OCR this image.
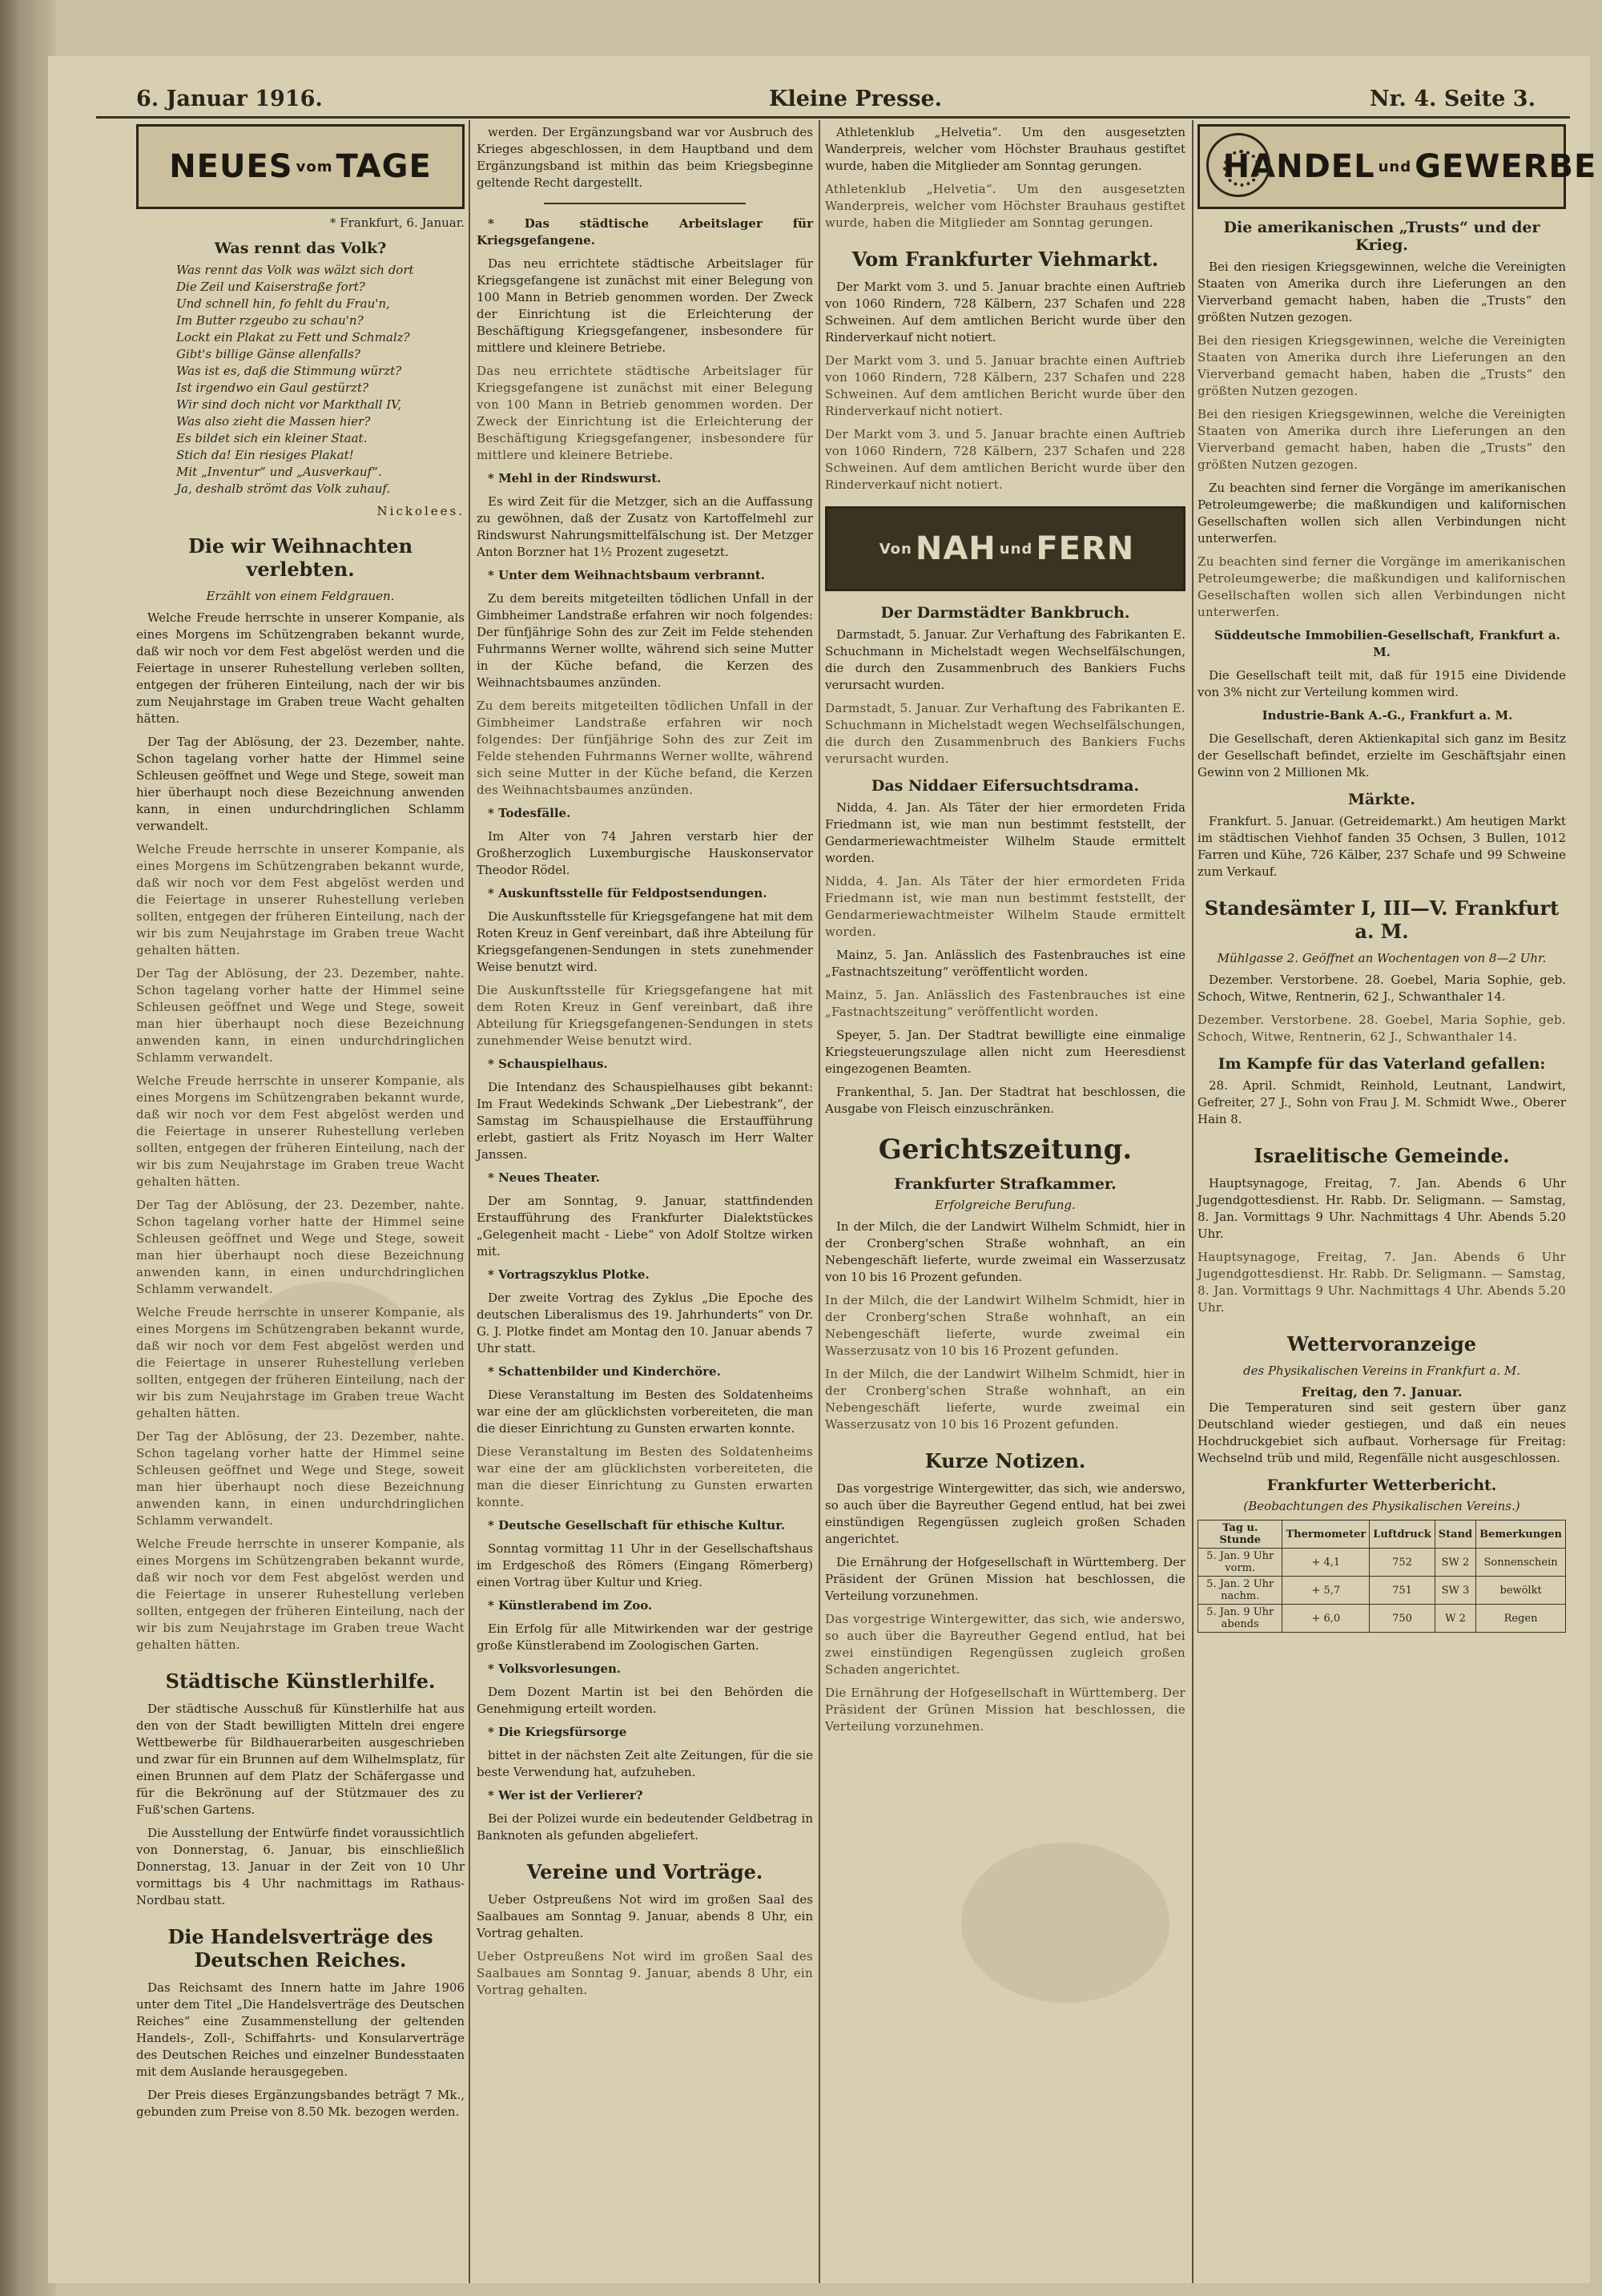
6. Januar 1916.	Kleine Presse.	Nr. 4. Seite 3.
NEUES vom TAGE
* Frankfurt, 6. Januar.
Was rennt das Volk?
Was rennt das Volk was wälzt sich dort
Die Zeil und Kaiserstraße fort?
Und schnell hin, fo fehlt du Frau'n,
Im Butter rzgeubo zu schau'n?
Lockt ein Plakat zu Fett und Schmalz?
Gibt's billige Gänse allenfalls?
Was ist es, daß die Stimmung würzt?
Ist irgendwo ein Gaul gestürzt?
Wir sind doch nicht vor Markthall IV,
Was also zieht die Massen hier?
Es bildet sich ein kleiner Staat.
Stich da! Ein riesiges Plakat!
Mit „Inventur“ und „Ausverkauf“.
Ja, deshalb strömt das Volk zuhauf.
Nickolees.
Die wir Weihnachten verlebten.
Erzählt von einem Feldgrauen.

Welche Freude herrschte in unserer Kompanie, als eines Morgens im Schützengraben bekannt wurde, daß wir noch vor dem Fest abgelöst werden und die Feiertage in unserer Ruhestellung verleben sollten, entgegen der früheren Einteilung, nach der wir bis zum Neujahrstage im Graben treue Wacht gehalten hätten.

Der Tag der Ablösung, der 23. Dezember, nahte. Schon tagelang vorher hatte der Himmel seine Schleusen geöffnet und Wege und Stege, soweit man hier überhaupt noch diese Bezeichnung anwenden kann, in einen undurchdringlichen Schlamm verwandelt.

Welche Freude herrschte in unserer Kompanie, als eines Morgens im Schützengraben bekannt wurde, daß wir noch vor dem Fest abgelöst werden und die Feiertage in unserer Ruhestellung verleben sollten, entgegen der früheren Einteilung, nach der wir bis zum Neujahrstage im Graben treue Wacht gehalten hätten.

Der Tag der Ablösung, der 23. Dezember, nahte. Schon tagelang vorher hatte der Himmel seine Schleusen geöffnet und Wege und Stege, soweit man hier überhaupt noch diese Bezeichnung anwenden kann, in einen undurchdringlichen Schlamm verwandelt.

Welche Freude herrschte in unserer Kompanie, als eines Morgens im Schützengraben bekannt wurde, daß wir noch vor dem Fest abgelöst werden und die Feiertage in unserer Ruhestellung verleben sollten, entgegen der früheren Einteilung, nach der wir bis zum Neujahrstage im Graben treue Wacht gehalten hätten.

Der Tag der Ablösung, der 23. Dezember, nahte. Schon tagelang vorher hatte der Himmel seine Schleusen geöffnet und Wege und Stege, soweit man hier überhaupt noch diese Bezeichnung anwenden kann, in einen undurchdringlichen Schlamm verwandelt.

Welche Freude herrschte in unserer Kompanie, als eines Morgens im Schützengraben bekannt wurde, daß wir noch vor dem Fest abgelöst werden und die Feiertage in unserer Ruhestellung verleben sollten, entgegen der früheren Einteilung, nach der wir bis zum Neujahrstage im Graben treue Wacht gehalten hätten.

Der Tag der Ablösung, der 23. Dezember, nahte. Schon tagelang vorher hatte der Himmel seine Schleusen geöffnet und Wege und Stege, soweit man hier überhaupt noch diese Bezeichnung anwenden kann, in einen undurchdringlichen Schlamm verwandelt.

Welche Freude herrschte in unserer Kompanie, als eines Morgens im Schützengraben bekannt wurde, daß wir noch vor dem Fest abgelöst werden und die Feiertage in unserer Ruhestellung verleben sollten, entgegen der früheren Einteilung, nach der wir bis zum Neujahrstage im Graben treue Wacht gehalten hätten.

Städtische Künstlerhilfe.

Der städtische Ausschuß für Künstlerhilfe hat aus den von der Stadt bewilligten Mitteln drei engere Wettbewerbe für Bildhauerarbeiten ausgeschrieben und zwar für ein Brunnen auf dem Wilhelmsplatz, für einen Brunnen auf dem Platz der Schäfergasse und für die Bekrönung auf der Stützmauer des zu Fuß'schen Gartens.

Die Ausstellung der Entwürfe findet voraussichtlich von Donnerstag, 6. Januar, bis einschließlich Donnerstag, 13. Januar in der Zeit von 10 Uhr vormittags bis 4 Uhr nachmittags im Rathaus-Nordbau statt.

Die Handelsverträge des Deutschen Reiches.

Das Reichsamt des Innern hatte im Jahre 1906 unter dem Titel „Die Handelsverträge des Deutschen Reiches“ eine Zusammenstellung der geltenden Handels-, Zoll-, Schiffahrts- und Konsularverträge des Deutschen Reiches und einzelner Bundesstaaten mit dem Auslande herausgegeben.

Der Preis dieses Ergänzungsbandes beträgt 7 Mk., gebunden zum Preise von 8.50 Mk. bezogen werden.

werden. Der Ergänzungsband war vor Ausbruch des Krieges abgeschlossen, in dem Hauptband und dem Ergänzungsband ist mithin das beim Kriegsbeginne geltende Recht dargestellt.

* Das städtische Arbeitslager für Kriegsgefangene.

Das neu errichtete städtische Arbeitslager für Kriegsgefangene ist zunächst mit einer Belegung von 100 Mann in Betrieb genommen worden. Der Zweck der Einrichtung ist die Erleichterung der Beschäftigung Kriegsgefangener, insbesondere für mittlere und kleinere Betriebe.

Das neu errichtete städtische Arbeitslager für Kriegsgefangene ist zunächst mit einer Belegung von 100 Mann in Betrieb genommen worden. Der Zweck der Einrichtung ist die Erleichterung der Beschäftigung Kriegsgefangener, insbesondere für mittlere und kleinere Betriebe.

* Mehl in der Rindswurst.

Es wird Zeit für die Metzger, sich an die Auffassung zu gewöhnen, daß der Zusatz von Kartoffelmehl zur Rindswurst Nahrungsmittelfälschung ist. Der Metzger Anton Borzner hat 1½ Prozent zugesetzt.

* Unter dem Weihnachtsbaum verbrannt.

Zu dem bereits mitgeteilten tödlichen Unfall in der Gimbheimer Landstraße erfahren wir noch folgendes: Der fünfjährige Sohn des zur Zeit im Felde stehenden Fuhrmanns Werner wollte, während sich seine Mutter in der Küche befand, die Kerzen des Weihnachtsbaumes anzünden.

Zu dem bereits mitgeteilten tödlichen Unfall in der Gimbheimer Landstraße erfahren wir noch folgendes: Der fünfjährige Sohn des zur Zeit im Felde stehenden Fuhrmanns Werner wollte, während sich seine Mutter in der Küche befand, die Kerzen des Weihnachtsbaumes anzünden.

* Todesfälle.

Im Alter von 74 Jahren verstarb hier der Großherzoglich Luxemburgische Hauskonservator Theodor Rödel.

* Auskunftsstelle für Feldpostsendungen.

Die Auskunftsstelle für Kriegsgefangene hat mit dem Roten Kreuz in Genf vereinbart, daß ihre Abteilung für Kriegsgefangenen-Sendungen in stets zunehmender Weise benutzt wird.

Die Auskunftsstelle für Kriegsgefangene hat mit dem Roten Kreuz in Genf vereinbart, daß ihre Abteilung für Kriegsgefangenen-Sendungen in stets zunehmender Weise benutzt wird.

* Schauspielhaus.

Die Intendanz des Schauspielhauses gibt bekannt: Im Fraut Wedekinds Schwank „Der Liebestrank“, der Samstag im Schauspielhause die Erstaufführung erlebt, gastiert als Fritz Noyasch im Herr Walter Janssen.

* Neues Theater.

Der am Sonntag, 9. Januar, stattfindenden Erstaufführung des Frankfurter Dialektstückes „Gelegenheit macht - Liebe“ von Adolf Stoltze wirken mit.

* Vortragszyklus Plotke.

Der zweite Vortrag des Zyklus „Die Epoche des deutschen Liberalismus des 19. Jahrhunderts“ von Dr. G. J. Plotke findet am Montag den 10. Januar abends 7 Uhr statt.

* Schattenbilder und Kinderchöre.

Diese Veranstaltung im Besten des Soldatenheims war eine der am glücklichsten vorbereiteten, die man die dieser Einrichtung zu Gunsten erwarten konnte.

Diese Veranstaltung im Besten des Soldatenheims war eine der am glücklichsten vorbereiteten, die man die dieser Einrichtung zu Gunsten erwarten konnte.

* Deutsche Gesellschaft für ethische Kultur.

Sonntag vormittag 11 Uhr in der Gesellschaftshaus im Erdgeschoß des Römers (Eingang Römerberg) einen Vortrag über Kultur und Krieg.

* Künstlerabend im Zoo.

Ein Erfolg für alle Mitwirkenden war der gestrige große Künstlerabend im Zoologischen Garten.

* Volksvorlesungen.

Dem Dozent Martin ist bei den Behörden die Genehmigung erteilt worden.

* Die Kriegsfürsorge

bittet in der nächsten Zeit alte Zeitungen, für die sie beste Verwendung hat, aufzuheben.

* Wer ist der Verlierer?

Bei der Polizei wurde ein bedeutender Geldbetrag in Banknoten als gefunden abgeliefert.

Vereine und Vorträge.

Ueber Ostpreußens Not wird im großen Saal des Saalbaues am Sonntag 9. Januar, abends 8 Uhr, ein Vortrag gehalten.

Ueber Ostpreußens Not wird im großen Saal des Saalbaues am Sonntag 9. Januar, abends 8 Uhr, ein Vortrag gehalten.

Athletenklub „Helvetia“. Um den ausgesetzten Wanderpreis, welcher vom Höchster Brauhaus gestiftet wurde, haben die Mitglieder am Sonntag gerungen.

Athletenklub „Helvetia“. Um den ausgesetzten Wanderpreis, welcher vom Höchster Brauhaus gestiftet wurde, haben die Mitglieder am Sonntag gerungen.

Vom Frankfurter Viehmarkt.

Der Markt vom 3. und 5. Januar brachte einen Auftrieb von 1060 Rindern, 728 Kälbern, 237 Schafen und 228 Schweinen. Auf dem amtlichen Bericht wurde über den Rinderverkauf nicht notiert.

Der Markt vom 3. und 5. Januar brachte einen Auftrieb von 1060 Rindern, 728 Kälbern, 237 Schafen und 228 Schweinen. Auf dem amtlichen Bericht wurde über den Rinderverkauf nicht notiert.

Der Markt vom 3. und 5. Januar brachte einen Auftrieb von 1060 Rindern, 728 Kälbern, 237 Schafen und 228 Schweinen. Auf dem amtlichen Bericht wurde über den Rinderverkauf nicht notiert.

Von NAH und FERN
Der Darmstädter Bankbruch.

Darmstadt, 5. Januar. Zur Verhaftung des Fabrikanten E. Schuchmann in Michelstadt wegen Wechselfälschungen, die durch den Zusammenbruch des Bankiers Fuchs verursacht wurden.

Darmstadt, 5. Januar. Zur Verhaftung des Fabrikanten E. Schuchmann in Michelstadt wegen Wechselfälschungen, die durch den Zusammenbruch des Bankiers Fuchs verursacht wurden.

Das Niddaer Eifersuchtsdrama.

Nidda, 4. Jan. Als Täter der hier ermordeten Frida Friedmann ist, wie man nun bestimmt feststellt, der Gendarmeriewachtmeister Wilhelm Staude ermittelt worden.

Nidda, 4. Jan. Als Täter der hier ermordeten Frida Friedmann ist, wie man nun bestimmt feststellt, der Gendarmeriewachtmeister Wilhelm Staude ermittelt worden.

Mainz, 5. Jan. Anlässlich des Fastenbrauches ist eine „Fastnachtszeitung“ veröffentlicht worden.

Mainz, 5. Jan. Anlässlich des Fastenbrauches ist eine „Fastnachtszeitung“ veröffentlicht worden.

Speyer, 5. Jan. Der Stadtrat bewilligte eine einmalige Kriegsteuerungszulage allen nicht zum Heeresdienst eingezogenen Beamten.

Frankenthal, 5. Jan. Der Stadtrat hat beschlossen, die Ausgabe von Fleisch einzuschränken.

Gerichtszeitung.
Frankfurter Strafkammer.
Erfolgreiche Berufung.

In der Milch, die der Landwirt Wilhelm Schmidt, hier in der Cronberg'schen Straße wohnhaft, an ein Nebengeschäft lieferte, wurde zweimal ein Wasserzusatz von 10 bis 16 Prozent gefunden.

In der Milch, die der Landwirt Wilhelm Schmidt, hier in der Cronberg'schen Straße wohnhaft, an ein Nebengeschäft lieferte, wurde zweimal ein Wasserzusatz von 10 bis 16 Prozent gefunden.

In der Milch, die der Landwirt Wilhelm Schmidt, hier in der Cronberg'schen Straße wohnhaft, an ein Nebengeschäft lieferte, wurde zweimal ein Wasserzusatz von 10 bis 16 Prozent gefunden.

Kurze Notizen.

Das vorgestrige Wintergewitter, das sich, wie anderswo, so auch über die Bayreuther Gegend entlud, hat bei zwei einstündigen Regengüssen zugleich großen Schaden angerichtet.

Die Ernährung der Hofgesellschaft in Württemberg. Der Präsident der Grünen Mission hat beschlossen, die Verteilung vorzunehmen.

Das vorgestrige Wintergewitter, das sich, wie anderswo, so auch über die Bayreuther Gegend entlud, hat bei zwei einstündigen Regengüssen zugleich großen Schaden angerichtet.

Die Ernährung der Hofgesellschaft in Württemberg. Der Präsident der Grünen Mission hat beschlossen, die Verteilung vorzunehmen.

HANDEL und GEWERBE
Die amerikanischen „Trusts“ und der Krieg.

Bei den riesigen Kriegsgewinnen, welche die Vereinigten Staaten von Amerika durch ihre Lieferungen an den Vierverband gemacht haben, haben die „Trusts“ den größten Nutzen gezogen.

Bei den riesigen Kriegsgewinnen, welche die Vereinigten Staaten von Amerika durch ihre Lieferungen an den Vierverband gemacht haben, haben die „Trusts“ den größten Nutzen gezogen.

Bei den riesigen Kriegsgewinnen, welche die Vereinigten Staaten von Amerika durch ihre Lieferungen an den Vierverband gemacht haben, haben die „Trusts“ den größten Nutzen gezogen.

Zu beachten sind ferner die Vorgänge im amerikanischen Petroleumgewerbe; die maßkundigen und kalifornischen Gesellschaften wollen sich allen Verbindungen nicht unterwerfen.

Zu beachten sind ferner die Vorgänge im amerikanischen Petroleumgewerbe; die maßkundigen und kalifornischen Gesellschaften wollen sich allen Verbindungen nicht unterwerfen.

Süddeutsche Immobilien-Gesellschaft, Frankfurt a. M.

Die Gesellschaft teilt mit, daß für 1915 eine Dividende von 3% nicht zur Verteilung kommen wird.

Industrie-Bank A.-G., Frankfurt a. M.

Die Gesellschaft, deren Aktienkapital sich ganz im Besitz der Gesellschaft befindet, erzielte im Geschäftsjahr einen Gewinn von 2 Millionen Mk.

Märkte.

Frankfurt. 5. Januar. (Getreidemarkt.) Am heutigen Markt im städtischen Viehhof fanden 35 Ochsen, 3 Bullen, 1012 Farren und Kühe, 726 Kälber, 237 Schafe und 99 Schweine zum Verkauf.

Standesämter I, III—V. Frankfurt a. M.
Mühlgasse 2. Geöffnet an Wochentagen von 8—2 Uhr.

Dezember. Verstorbene. 28. Goebel, Maria Sophie, geb. Schoch, Witwe, Rentnerin, 62 J., Schwanthaler 14.

Dezember. Verstorbene. 28. Goebel, Maria Sophie, geb. Schoch, Witwe, Rentnerin, 62 J., Schwanthaler 14.

Im Kampfe für das Vaterland gefallen:

28. April. Schmidt, Reinhold, Leutnant, Landwirt, Gefreiter, 27 J., Sohn von Frau J. M. Schmidt Wwe., Oberer Hain 8.

Israelitische Gemeinde.

Hauptsynagoge, Freitag, 7. Jan. Abends 6 Uhr Jugendgottesdienst. Hr. Rabb. Dr. Seligmann. — Samstag, 8. Jan. Vormittags 9 Uhr. Nachmittags 4 Uhr. Abends 5.20 Uhr.

Hauptsynagoge, Freitag, 7. Jan. Abends 6 Uhr Jugendgottesdienst. Hr. Rabb. Dr. Seligmann. — Samstag, 8. Jan. Vormittags 9 Uhr. Nachmittags 4 Uhr. Abends 5.20 Uhr.

Wettervoranzeige
des Physikalischen Vereins in Frankfurt a. M.
Freitag, den 7. Januar.

Die Temperaturen sind seit gestern über ganz Deutschland wieder gestiegen, und daß ein neues Hochdruckgebiet sich aufbaut. Vorhersage für Freitag: Wechselnd trüb und mild, Regenfälle nicht ausgeschlossen.

Frankfurter Wetterbericht.
(Beobachtungen des Physikalischen Vereins.)
Tag u. Stunde	Thermometer	Luftdruck	Stand	Bemerkungen
5. Jan. 9 Uhr vorm.	+ 4,1	752	SW 2	Sonnenschein
5. Jan. 2 Uhr nachm.	+ 5,7	751	SW 3	bewölkt
5. Jan. 9 Uhr abends	+ 6,0	750	W 2	Regen
